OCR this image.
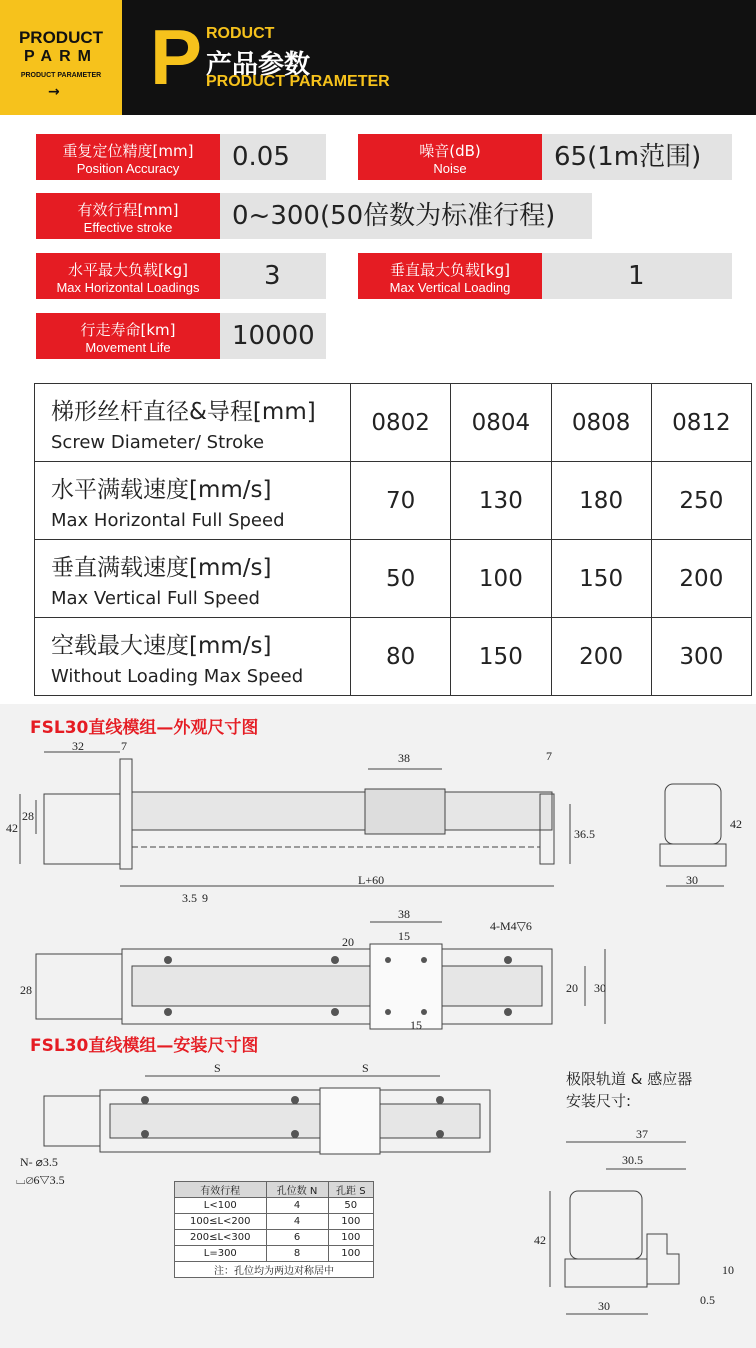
PRODUCT
PARM
PRODUCT PARAMETER
→ P RODUCT
产品参数
PRODUCT PARAMETER
重复定位精度[mm]
Position Accuracy	0.05	噪音(dB)
Noise	65(1m范围)
有效行程[mm]
Effective stroke	0~300(50倍数为标准行程)
水平最大负载[kg]
Max Horizontal Loadings	3	垂直最大负载[kg]
Max Vertical Loading	1
行走寿命[km]
Movement Life	10000
梯形丝杆直径&导程[mm]
Screw Diameter/ Stroke	0802	0804	0808	0812

水平满载速度[mm/s]
Max Horizontal Full Speed	70	130	180	250

垂直满载速度[mm/s]
Max Vertical Full Speed	50	100	150	200

空载最大速度[mm/s]
Without Loading Max Speed	80	150	200	300
FSL30直线模组—外观尺寸图
FSL30直线模组—安装尺寸图
极限轨道 & 感应器
安装尺寸:
32	7
38	7
42
28
36.5
3.5 9
L+60
42
30
38
20	15
4-M4▽6
28	20 30
15
S	S
N- ⌀3.5
⌴⌀6▽3.5
37
30.5
42
10
0.5
30
有效行程	孔位数 N	孔距 S
L<100	4	50
100≤L<200	4	100
200≤L<300	6	100
L=300	8	100
注：孔位均为两边对称居中		
